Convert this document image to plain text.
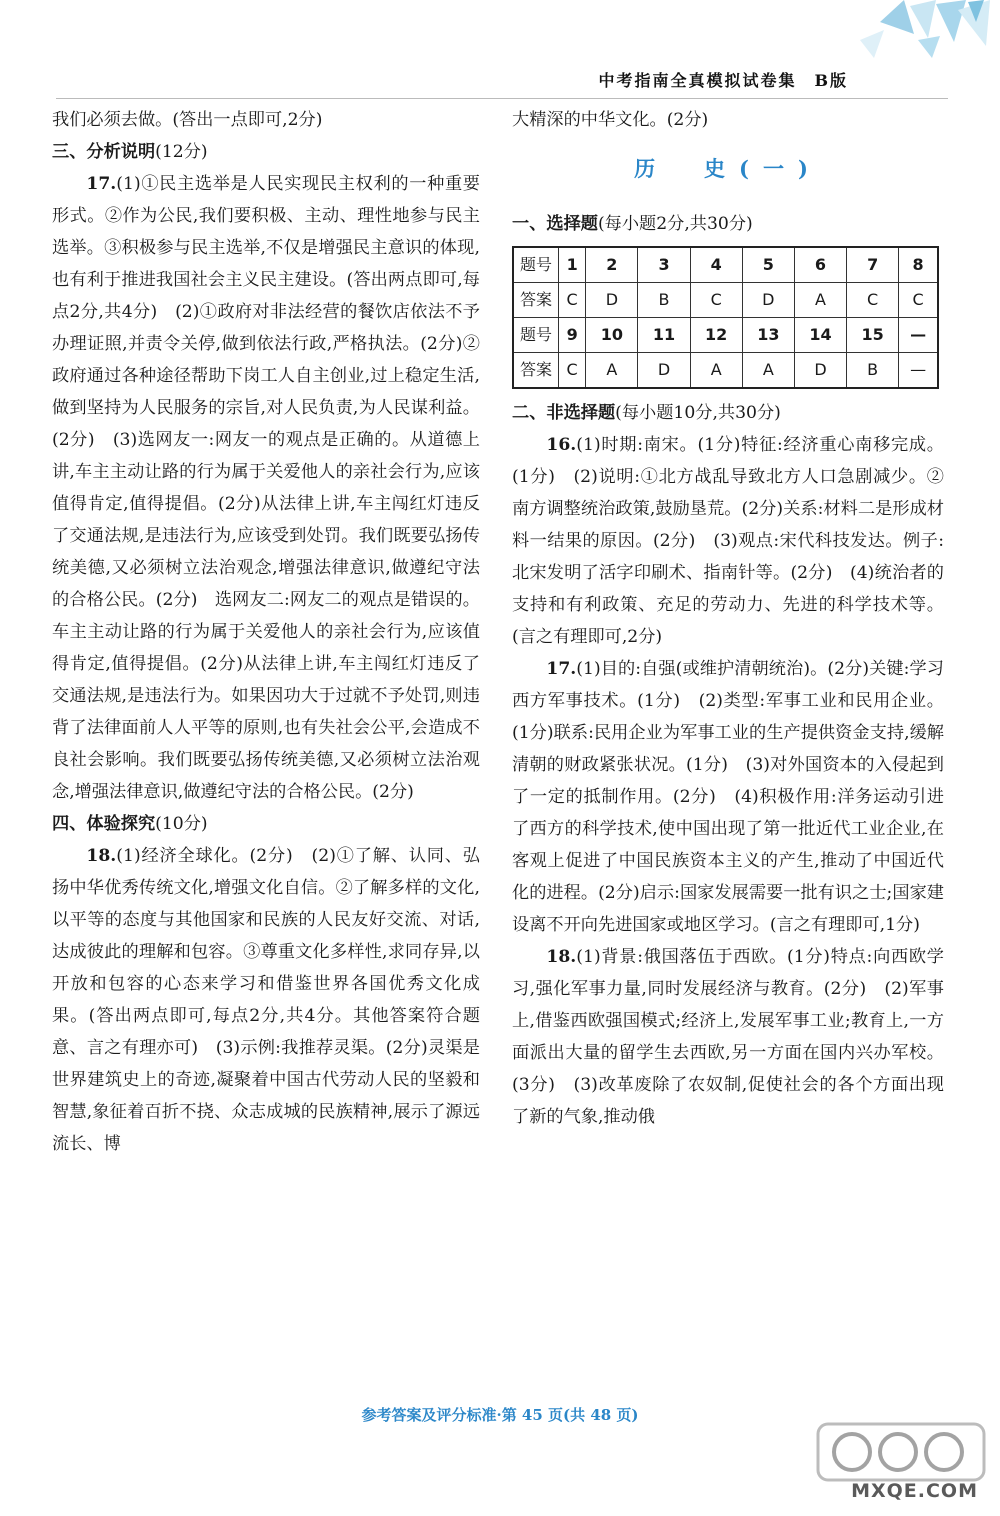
中考指南全真模拟试卷集　B版

我们必须去做。(答出一点即可,2分)

三、分析说明(12分)

17.(1)①民主选举是人民实现民主权利的一种重要形式。②作为公民,我们要积极、主动、理性地参与民主选举。③积极参与民主选举,不仅是增强民主意识的体现,也有利于推进我国社会主义民主建设。(答出两点即可,每点2分,共4分)　(2)①政府对非法经营的餐饮店依法不予办理证照,并责令关停,做到依法行政,严格执法。(2分)②政府通过各种途径帮助下岗工人自主创业,过上稳定生活,做到坚持为人民服务的宗旨,对人民负责,为人民谋利益。(2分)　(3)选网友一:网友一的观点是正确的。从道德上讲,车主主动让路的行为属于关爱他人的亲社会行为,应该值得肯定,值得提倡。(2分)从法律上讲,车主闯红灯违反了交通法规,是违法行为,应该受到处罚。我们既要弘扬传统美德,又必须树立法治观念,增强法律意识,做遵纪守法的合格公民。(2分)　选网友二:网友二的观点是错误的。车主主动让路的行为属于关爱他人的亲社会行为,应该值得肯定,值得提倡。(2分)从法律上讲,车主闯红灯违反了交通法规,是违法行为。如果因功大于过就不予处罚,则违背了法律面前人人平等的原则,也有失社会公平,会造成不良社会影响。我们既要弘扬传统美德,又必须树立法治观念,增强法律意识,做遵纪守法的合格公民。(2分)

四、体验探究(10分)

18.(1)经济全球化。(2分)　(2)①了解、认同、弘扬中华优秀传统文化,增强文化自信。②了解多样的文化,以平等的态度与其他国家和民族的人民友好交流、对话,达成彼此的理解和包容。③尊重文化多样性,求同存异,以开放和包容的心态来学习和借鉴世界各国优秀文化成果。(答出两点即可,每点2分,共4分。其他答案符合题意、言之有理亦可)　(3)示例:我推荐灵渠。(2分)灵渠是世界建筑史上的奇迹,凝聚着中国古代劳动人民的坚毅和智慧,象征着百折不挠、众志成城的民族精神,展示了源远流长、博

大精深的中华文化。(2分)

历　史(一)

一、选择题(每小题2分,共30分)

题号	1	2	3	4	5	6	7	8
答案	C	D	B	C	D	A	C	C
题号	9	10	11	12	13	14	15	—
答案	C	A	D	A	A	D	B	—

二、非选择题(每小题10分,共30分)

16.(1)时期:南宋。(1分)特征:经济重心南移完成。(1分)　(2)说明:①北方战乱导致北方人口急剧减少。②南方调整统治政策,鼓励垦荒。(2分)关系:材料二是形成材料一结果的原因。(2分)　(3)观点:宋代科技发达。例子:北宋发明了活字印刷术、指南针等。(2分)　(4)统治者的支持和有利政策、充足的劳动力、先进的科学技术等。(言之有理即可,2分)

17.(1)目的:自强(或维护清朝统治)。(2分)关键:学习西方军事技术。(1分)　(2)类型:军事工业和民用企业。(1分)联系:民用企业为军事工业的生产提供资金支持,缓解清朝的财政紧张状况。(1分)　(3)对外国资本的入侵起到了一定的抵制作用。(2分)　(4)积极作用:洋务运动引进了西方的科学技术,使中国出现了第一批近代工业企业,在客观上促进了中国民族资本主义的产生,推动了中国近代化的进程。(2分)启示:国家发展需要一批有识之士;国家建设离不开向先进国家或地区学习。(言之有理即可,1分)

18.(1)背景:俄国落伍于西欧。(1分)特点:向西欧学习,强化军事力量,同时发展经济与教育。(2分)　(2)军事上,借鉴西欧强国模式;经济上,发展军事工业;教育上,一方面派出大量的留学生去西欧,另一方面在国内兴办军校。(3分)　(3)改革废除了农奴制,促使社会的各个方面出现了新的气象,推动俄

参考答案及评分标准·第 45 页(共 48 页)
MXQE.COM
